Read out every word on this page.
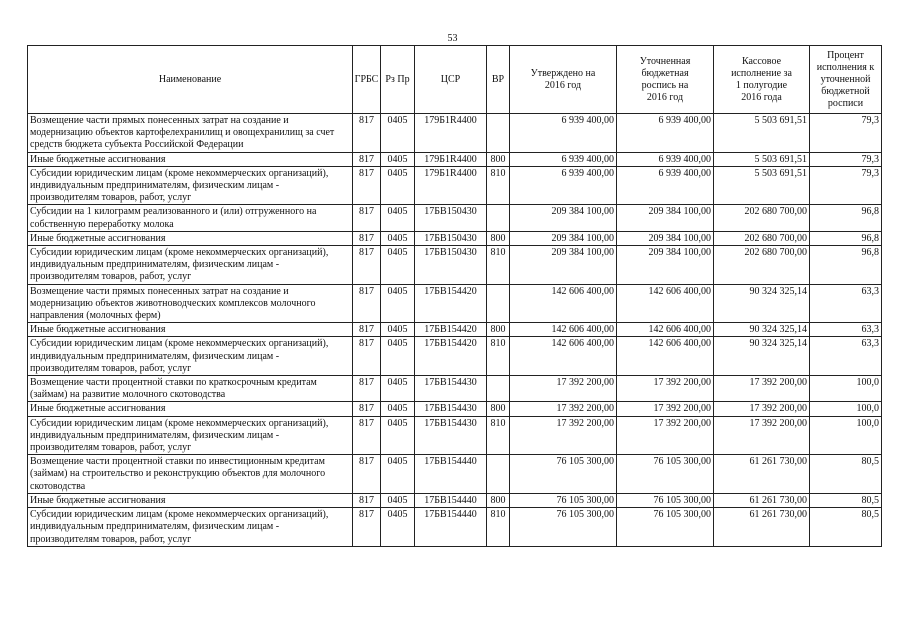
53
Наименование	ГРБС	Рз Пр	ЦСР	ВР	Утверждено на 2016 год	Уточненная бюджетная роспись на 2016 год	Кассовое исполнение за 1 полугодие 2016 года	Процент исполнения к уточненной бюджетной росписи
Возмещение части прямых понесенных затрат на создание и модернизацию объектов картофелехранилищ и овощехранилищ за счет средств бюджета субъекта Российской Федерации	817	0405	179Б1R4400		6 939 400,00	6 939 400,00	5 503 691,51	79,3
Иные бюджетные ассигнования	817	0405	179Б1R4400	800	6 939 400,00	6 939 400,00	5 503 691,51	79,3
Субсидии юридическим лицам (кроме некоммерческих организаций), индивидуальным предпринимателям, физическим лицам - производителям товаров, работ, услуг	817	0405	179Б1R4400	810	6 939 400,00	6 939 400,00	5 503 691,51	79,3
Субсидии на 1 килограмм реализованного и (или) отгруженного на собственную переработку молока	817	0405	17БВ150430		209 384 100,00	209 384 100,00	202 680 700,00	96,8
Иные бюджетные ассигнования	817	0405	17БВ150430	800	209 384 100,00	209 384 100,00	202 680 700,00	96,8
Субсидии юридическим лицам (кроме некоммерческих организаций), индивидуальным предпринимателям, физическим лицам - производителям товаров, работ, услуг	817	0405	17БВ150430	810	209 384 100,00	209 384 100,00	202 680 700,00	96,8
Возмещение части прямых понесенных затрат на создание и модернизацию объектов животноводческих комплексов молочного направления (молочных ферм)	817	0405	17БВ154420		142 606 400,00	142 606 400,00	90 324 325,14	63,3
Иные бюджетные ассигнования	817	0405	17БВ154420	800	142 606 400,00	142 606 400,00	90 324 325,14	63,3
Субсидии юридическим лицам (кроме некоммерческих организаций), индивидуальным предпринимателям, физическим лицам - производителям товаров, работ, услуг	817	0405	17БВ154420	810	142 606 400,00	142 606 400,00	90 324 325,14	63,3
Возмещение части процентной ставки по краткосрочным кредитам (займам) на развитие молочного скотоводства	817	0405	17БВ154430		17 392 200,00	17 392 200,00	17 392 200,00	100,0
Иные бюджетные ассигнования	817	0405	17БВ154430	800	17 392 200,00	17 392 200,00	17 392 200,00	100,0
Субсидии юридическим лицам (кроме некоммерческих организаций), индивидуальным предпринимателям, физическим лицам - производителям товаров, работ, услуг	817	0405	17БВ154430	810	17 392 200,00	17 392 200,00	17 392 200,00	100,0
Возмещение части процентной ставки по инвестиционным кредитам (займам) на строительство и реконструкцию объектов для молочного скотоводства	817	0405	17БВ154440		76 105 300,00	76 105 300,00	61 261 730,00	80,5
Иные бюджетные ассигнования	817	0405	17БВ154440	800	76 105 300,00	76 105 300,00	61 261 730,00	80,5
Субсидии юридическим лицам (кроме некоммерческих организаций), индивидуальным предпринимателям, физическим лицам - производителям товаров, работ, услуг	817	0405	17БВ154440	810	76 105 300,00	76 105 300,00	61 261 730,00	80,5
